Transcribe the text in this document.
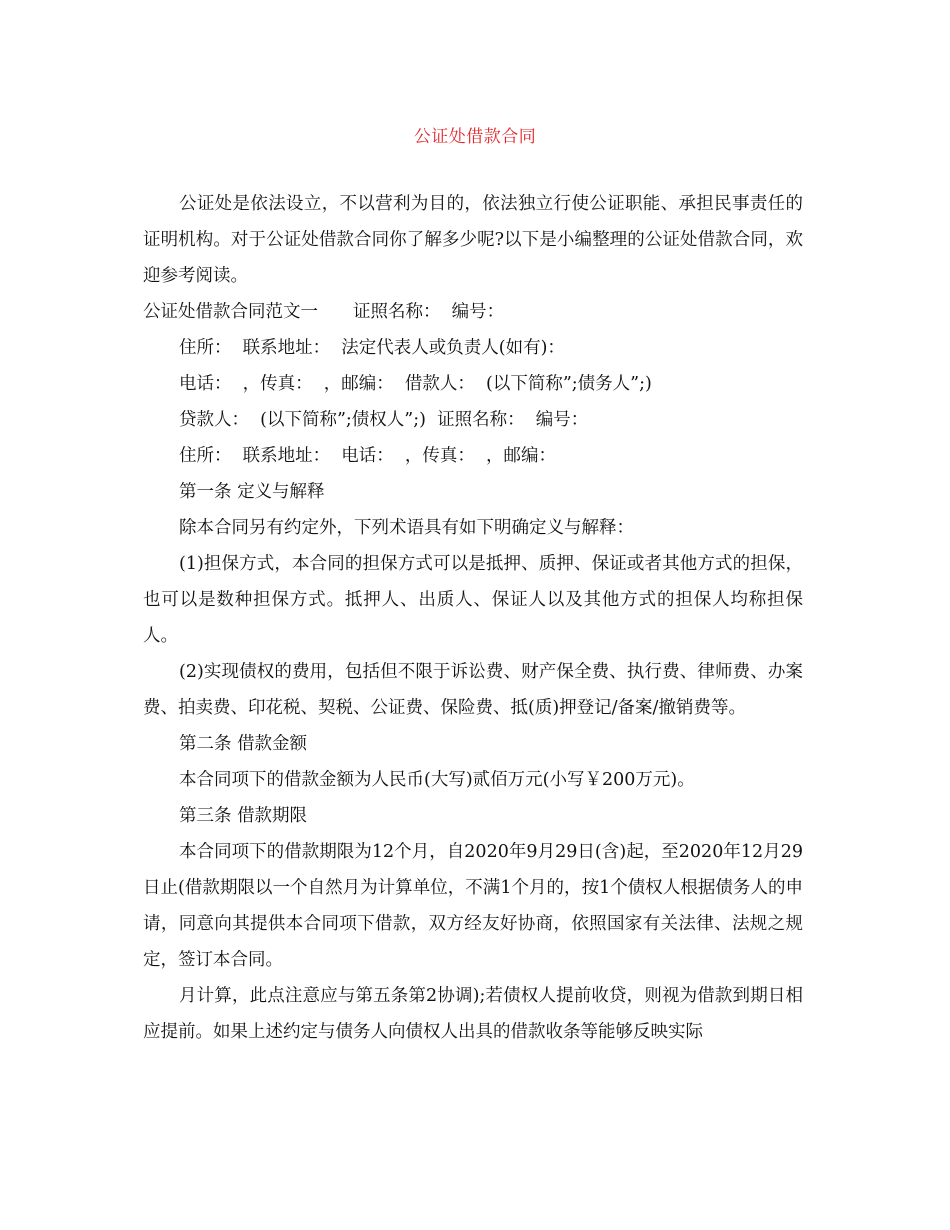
公证处借款合同

公证处是依法设立，不以营利为目的，依法独立行使公证职能、承担民事责任的证明机构。对于公证处借款合同你了解多少呢?以下是小编整理的公证处借款合同，欢迎参考阅读。

公证处借款合同范文一　　证照名称：  编号：

住所：  联系地址：  法定代表人或负责人(如有)：

电话：  ，传真：  ，邮编：  借款人：  (以下简称”;债务人”;)

贷款人：  (以下简称”;债权人”;)  证照名称：  编号：

住所：  联系地址：  电话：  ，传真：  ，邮编：

第一条 定义与解释

除本合同另有约定外，下列术语具有如下明确定义与解释：

(1)担保方式，本合同的担保方式可以是抵押、质押、保证或者其他方式的担保，也可以是数种担保方式。抵押人、出质人、保证人以及其他方式的担保人均称担保人。

(2)实现债权的费用，包括但不限于诉讼费、财产保全费、执行费、律师费、办案费、拍卖费、印花税、契税、公证费、保险费、抵(质)押登记/备案/撤销费等。

第二条 借款金额

本合同项下的借款金额为人民币(大写)贰佰万元(小写￥200万元)。

第三条 借款期限

本合同项下的借款期限为12个月，自2020年9月29日(含)起，至2020年12月29日止(借款期限以一个自然月为计算单位，不满1个月的，按1个债权人根据债务人的申请，同意向其提供本合同项下借款，双方经友好协商，依照国家有关法律、法规之规定，签订本合同。

月计算，此点注意应与第五条第2协调);若债权人提前收贷，则视为借款到期日相应提前。如果上述约定与债务人向债权人出具的借款收条等能够反映实际
